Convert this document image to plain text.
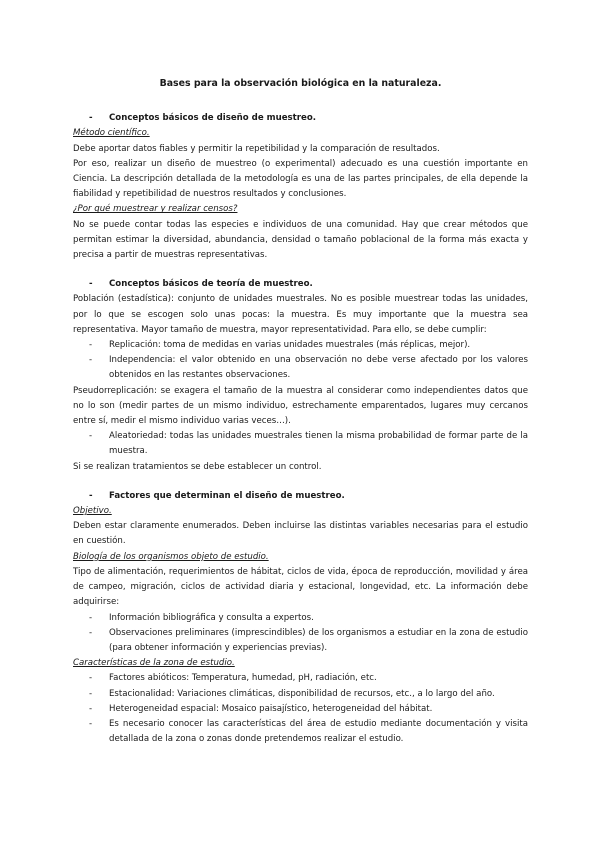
Bases para la observación biológica en la naturaleza.
- Conceptos básicos de diseño de muestreo.
Método científico.

Debe aportar datos fiables y permitir la repetibilidad y la comparación de resultados.

Por eso, realizar un diseño de muestreo (o experimental) adecuado es una cuestión importante en Ciencia. La descripción detallada de la metodología es una de las partes principales, de ella depende la fiabilidad y repetibilidad de nuestros resultados y conclusiones.

¿Por qué muestrear y realizar censos?

No se puede contar todas las especies e individuos de una comunidad. Hay que crear métodos que permitan estimar la diversidad, abundancia, densidad o tamaño poblacional de la forma más exacta y precisa a partir de muestras representativas.

- Conceptos básicos de teoría de muestreo.

Población (estadística): conjunto de unidades muestrales. No es posible muestrear todas las unidades, por lo que se escogen solo unas pocas: la muestra. Es muy importante que la muestra sea representativa. Mayor tamaño de muestra, mayor representatividad. Para ello, se debe cumplir:

- Replicación: toma de medidas en varias unidades muestrales (más réplicas, mejor).
- Independencia: el valor obtenido en una observación no debe verse afectado por los valores obtenidos en las restantes observaciones.

Pseudorreplicación: se exagera el tamaño de la muestra al considerar como independientes datos que no lo son (medir partes de un mismo individuo, estrechamente emparentados, lugares muy cercanos entre sí, medir el mismo individuo varias veces…).

- Aleatoriedad: todas las unidades muestrales tienen la misma probabilidad de formar parte de la muestra.

Si se realizan tratamientos se debe establecer un control.

- Factores que determinan el diseño de muestreo.
Objetivo.

Deben estar claramente enumerados. Deben incluirse las distintas variables necesarias para el estudio en cuestión.

Biología de los organismos objeto de estudio.

Tipo de alimentación, requerimientos de hábitat, ciclos de vida, época de reproducción, movilidad y área de campeo, migración, ciclos de actividad diaria y estacional, longevidad, etc. La información debe adquirirse:

- Información bibliográfica y consulta a expertos.
- Observaciones preliminares (imprescindibles) de los organismos a estudiar en la zona de estudio (para obtener información y experiencias previas).
Características de la zona de estudio.
- Factores abióticos: Temperatura, humedad, pH, radiación, etc.
- Estacionalidad: Variaciones climáticas, disponibilidad de recursos, etc., a lo largo del año.
- Heterogeneidad espacial: Mosaico paisajístico, heterogeneidad del hábitat.
- Es necesario conocer las características del área de estudio mediante documentación y visita detallada de la zona o zonas donde pretendemos realizar el estudio.
